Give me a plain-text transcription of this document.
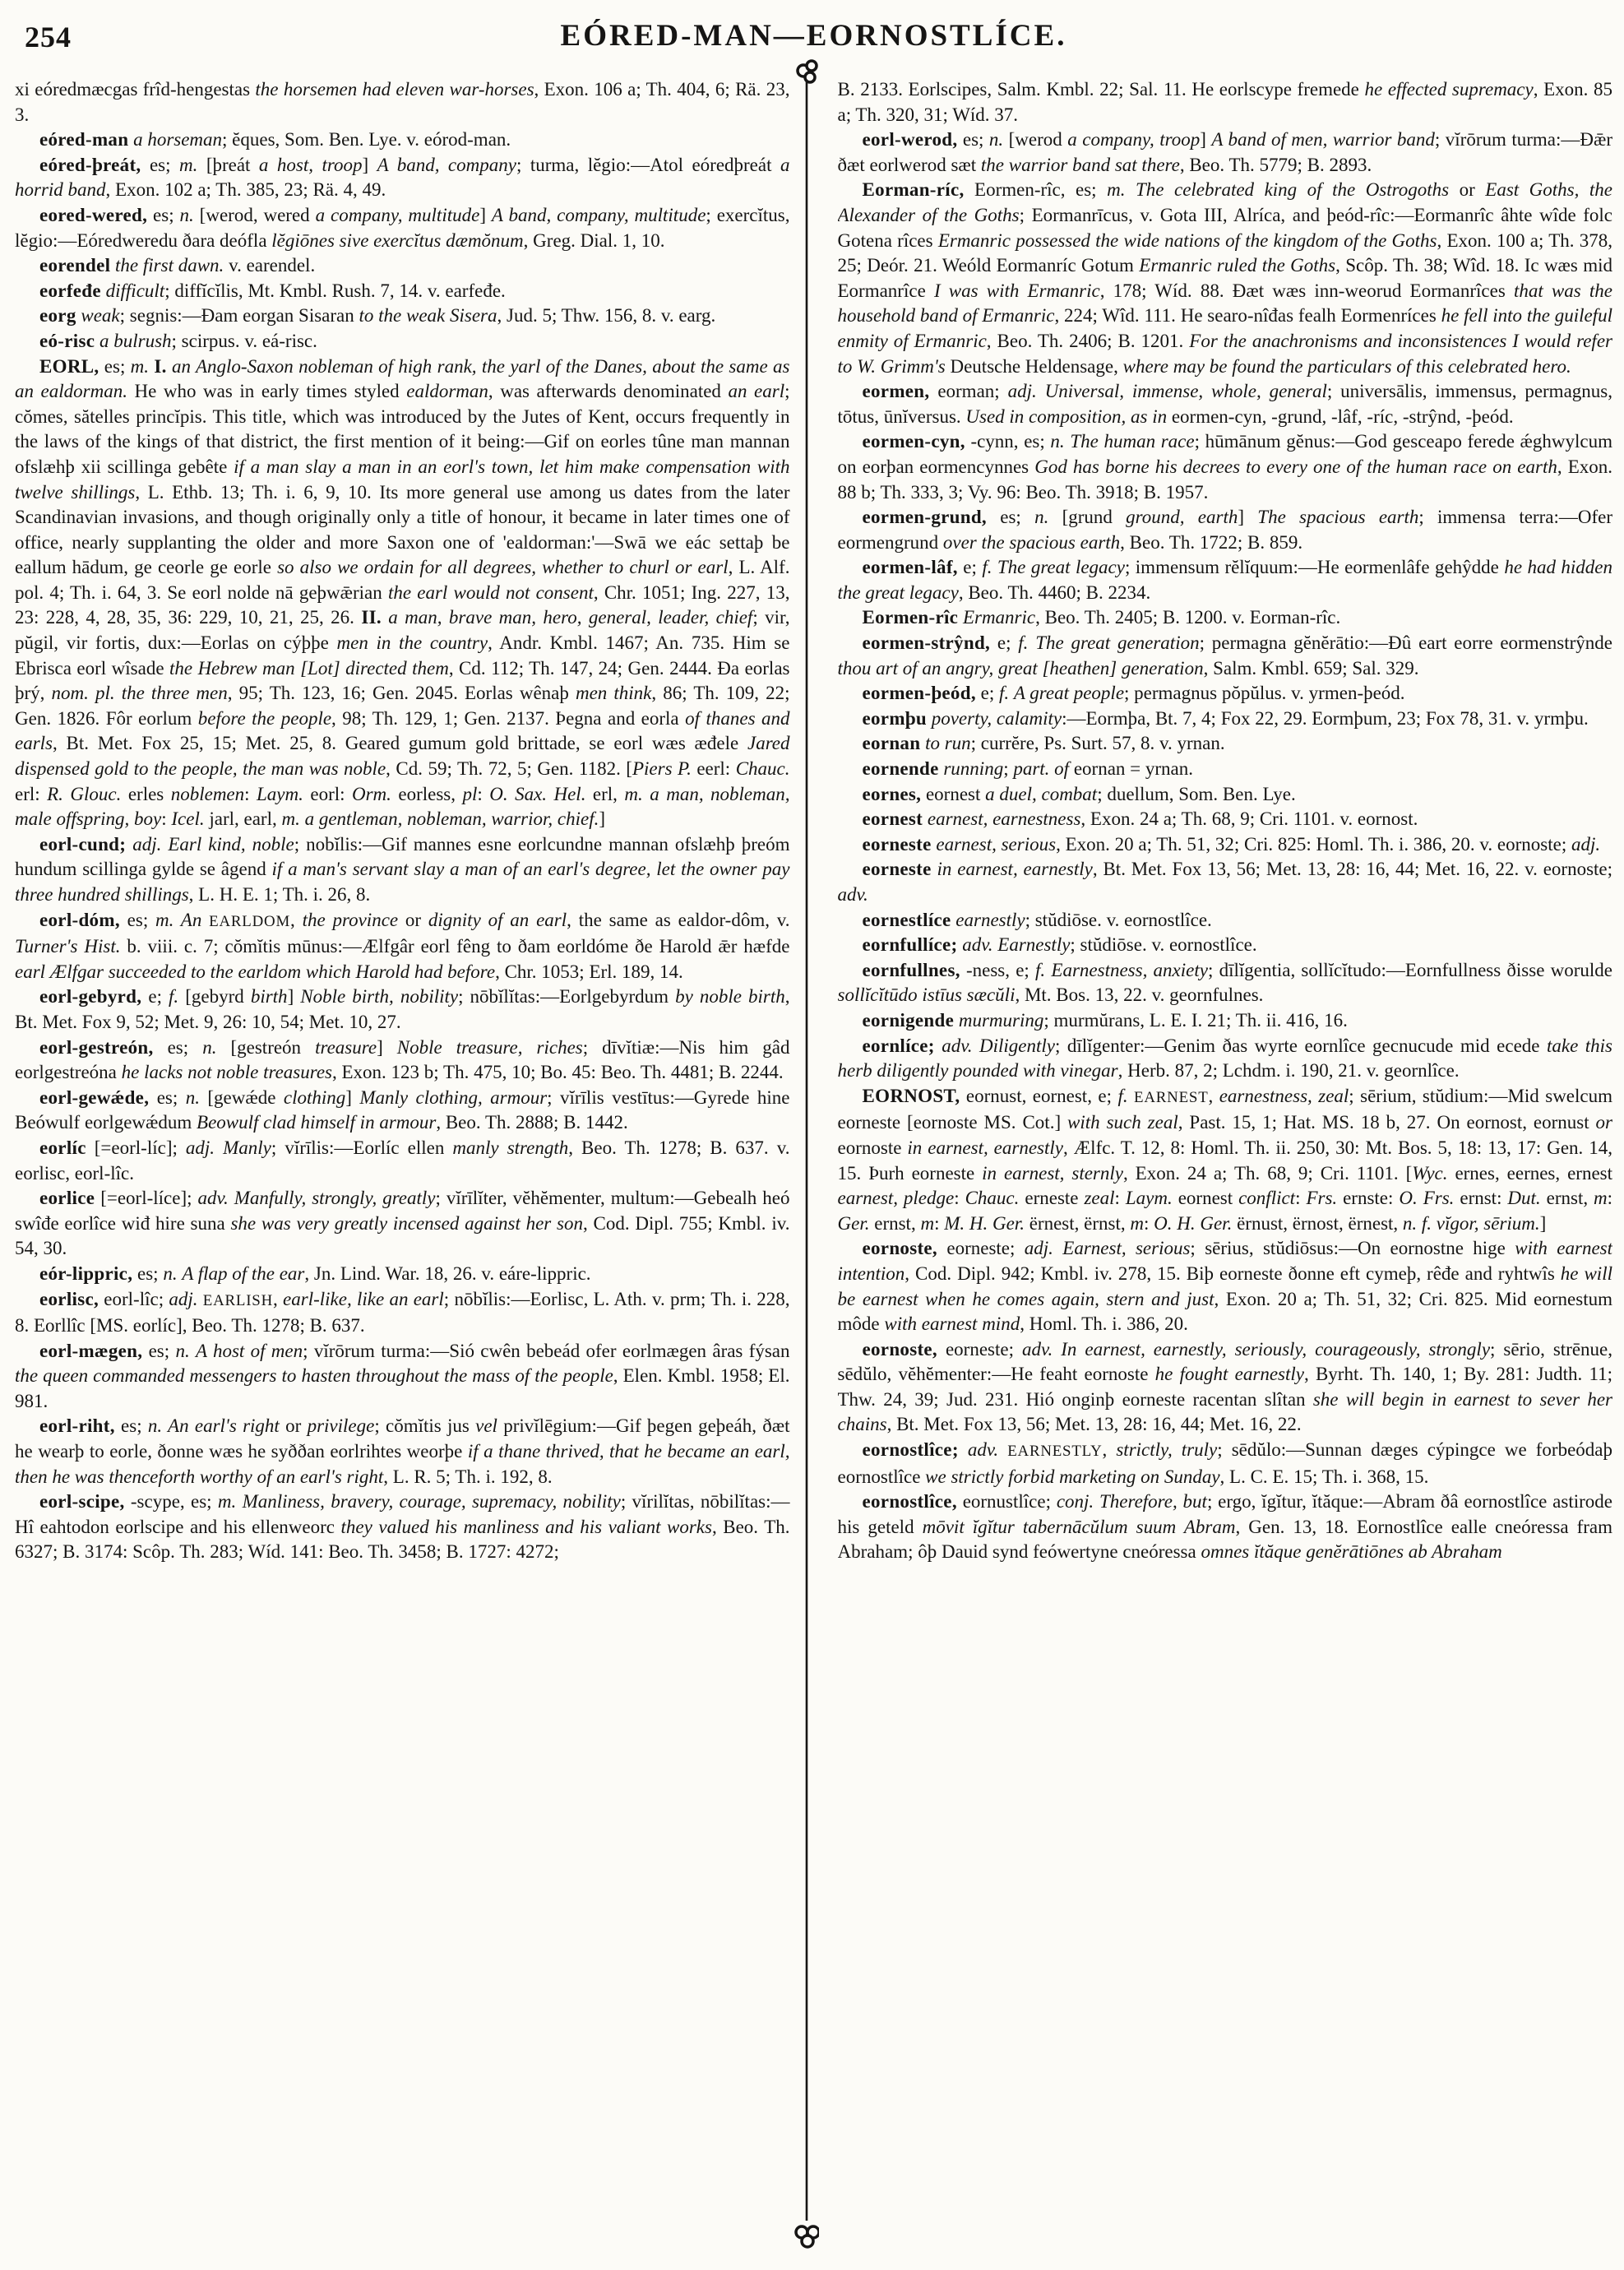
254	EÓRED-MAN—EORNOSTLÍCE.

xi eóredmæcgas frîd-hengestas the horsemen had eleven war-horses, Exon. 106 a; Th. 404, 6; Rä. 23, 3.

eóred-man a horseman; ĕques, Som. Ben. Lye. v. eórod-man.

eóred-þreát, es; m. [þreát a host, troop] A band, company; turma, lĕgio:—Atol eóredþreát a horrid band, Exon. 102 a; Th. 385, 23; Rä. 4, 49.

eored-wered, es; n. [werod, wered a company, multitude] A band, company, multitude; exercĭtus, lĕgio:—Eóredweredu ðara deófla lĕgiōnes sive exercĭtus dæmŏnum, Greg. Dial. 1, 10.

eorendel the first dawn. v. earendel.

eorfeđe difficult; diffĭcĭlis, Mt. Kmbl. Rush. 7, 14. v. earfeđe.

eorg weak; segnis:—Ðam eorgan Sisaran to the weak Sisera, Jud. 5; Thw. 156, 8. v. earg.

eó-risc a bulrush; scirpus. v. eá-risc.

EORL, es; m. I. an Anglo-Saxon nobleman of high rank, the yarl of the Danes, about the same as an ealdorman. He who was in early times styled ealdorman, was afterwards denominated an earl; cŏmes, sătelles princĭpis. This title, which was introduced by the Jutes of Kent, occurs frequently in the laws of the kings of that district, the first mention of it being:—Gif on eorles tûne man mannan ofslæhþ xii scillinga gebête if a man slay a man in an eorl's town, let him make compensation with twelve shillings, L. Ethb. 13; Th. i. 6, 9, 10. Its more general use among us dates from the later Scandinavian invasions, and though originally only a title of honour, it became in later times one of office, nearly supplanting the older and more Saxon one of 'ealdorman:'—Swā we eác settaþ be eallum hādum, ge ceorle ge eorle so also we ordain for all degrees, whether to churl or earl, L. Alf. pol. 4; Th. i. 64, 3. Se eorl nolde nā geþwǣrian the earl would not consent, Chr. 1051; Ing. 227, 13, 23: 228, 4, 28, 35, 36: 229, 10, 21, 25, 26. II. a man, brave man, hero, general, leader, chief; vir, pŭgil, vir fortis, dux:—Eorlas on cýþþe men in the country, Andr. Kmbl. 1467; An. 735. Him se Ebrisca eorl wîsade the Hebrew man [Lot] directed them, Cd. 112; Th. 147, 24; Gen. 2444. Ða eorlas þrý, nom. pl. the three men, 95; Th. 123, 16; Gen. 2045. Eorlas wênaþ men think, 86; Th. 109, 22; Gen. 1826. Fôr eorlum before the people, 98; Th. 129, 1; Gen. 2137. Þegna and eorla of thanes and earls, Bt. Met. Fox 25, 15; Met. 25, 8. Geared gumum gold brittade, se eorl wæs æđele Jared dispensed gold to the people, the man was noble, Cd. 59; Th. 72, 5; Gen. 1182. [Piers P. eerl: Chauc. erl: R. Glouc. erles noblemen: Laym. eorl: Orm. eorless, pl: O. Sax. Hel. erl, m. a man, nobleman, male offspring, boy: Icel. jarl, earl, m. a gentleman, nobleman, warrior, chief.]

eorl-cund; adj. Earl kind, noble; nobĭlis:—Gif mannes esne eorlcundne mannan ofslæhþ þreóm hundum scillinga gylde se âgend if a man's servant slay a man of an earl's degree, let the owner pay three hundred shillings, L. H. E. 1; Th. i. 26, 8.

eorl-dóm, es; m. An EARLDOM, the province or dignity of an earl, the same as ealdor-dôm, v. Turner's Hist. b. viii. c. 7; cŏmĭtis mūnus:—Ælfgâr eorl fêng to ðam eorldóme ðe Harold ǣr hæfde earl Ælfgar succeeded to the earldom which Harold had before, Chr. 1053; Erl. 189, 14.

eorl-gebyrd, e; f. [gebyrd birth] Noble birth, nobility; nōbĭlĭtas:—Eorlgebyrdum by noble birth, Bt. Met. Fox 9, 52; Met. 9, 26: 10, 54; Met. 10, 27.

eorl-gestreón, es; n. [gestreón treasure] Noble treasure, riches; dīvĭtiæ:—Nis him gâd eorlgestreóna he lacks not noble treasures, Exon. 123 b; Th. 475, 10; Bo. 45: Beo. Th. 4481; B. 2244.

eorl-gewǽde, es; n. [gewǽde clothing] Manly clothing, armour; vĭrīlis vestītus:—Gyrede hine Beówulf eorlgewǽdum Beowulf clad himself in armour, Beo. Th. 2888; B. 1442.

eorlíc [=eorl-líc]; adj. Manly; vĭrīlis:—Eorlíc ellen manly strength, Beo. Th. 1278; B. 637. v. eorlisc, eorl-lîc.

eorlice [=eorl-líce]; adv. Manfully, strongly, greatly; vĭrīlĭter, vĕhĕmenter, multum:—Gebealh heó swîđe eorlîce wiđ hire suna she was very greatly incensed against her son, Cod. Dipl. 755; Kmbl. iv. 54, 30.

eór-lippric, es; n. A flap of the ear, Jn. Lind. War. 18, 26. v. eáre-lippric.

eorlisc, eorl-lîc; adj. EARLISH, earl-like, like an earl; nōbĭlis:—Eorlisc, L. Ath. v. prm; Th. i. 228, 8. Eorllîc [MS. eorlíc], Beo. Th. 1278; B. 637.

eorl-mægen, es; n. A host of men; vĭrōrum turma:—Sió cwên bebeád ofer eorlmægen âras fýsan the queen commanded messengers to hasten throughout the mass of the people, Elen. Kmbl. 1958; El. 981.

eorl-riht, es; n. An earl's right or privilege; cŏmĭtis jus vel privĭlēgium:—Gif þegen geþeáh, ðæt he wearþ to eorle, ðonne wæs he syððan eorlrihtes weorþe if a thane thrived, that he became an earl, then he was thenceforth worthy of an earl's right, L. R. 5; Th. i. 192, 8.

eorl-scipe, -scype, es; m. Manliness, bravery, courage, supremacy, nobility; vĭrilĭtas, nōbilĭtas:—Hî eahtodon eorlscipe and his ellenweorc they valued his manliness and his valiant works, Beo. Th. 6327; B. 3174: Scôp. Th. 283; Wíd. 141: Beo. Th. 3458; B. 1727: 4272;

B. 2133. Eorlscipes, Salm. Kmbl. 22; Sal. 11. He eorlscype fremede he effected supremacy, Exon. 85 a; Th. 320, 31; Wíd. 37.

eorl-werod, es; n. [werod a company, troop] A band of men, warrior band; vĭrōrum turma:—Ðǣr ðæt eorlwerod sæt the warrior band sat there, Beo. Th. 5779; B. 2893.

Eorman-ríc, Eormen-rîc, es; m. The celebrated king of the Ostrogoths or East Goths, the Alexander of the Goths; Eormanrīcus, v. Gota III, Alríca, and þeód-rîc:—Eormanrîc âhte wîde folc Gotena rîces Ermanric possessed the wide nations of the kingdom of the Goths, Exon. 100 a; Th. 378, 25; Deór. 21. Weóld Eormanríc Gotum Ermanric ruled the Goths, Scôp. Th. 38; Wîd. 18. Ic wæs mid Eormanrîce I was with Ermanric, 178; Wíd. 88. Ðæt wæs inn-weorud Eormanrîces that was the household band of Ermanric, 224; Wîd. 111. He searo-nîđas fealh Eormenríces he fell into the guileful enmity of Ermanric, Beo. Th. 2406; B. 1201. For the anachronisms and inconsistences I would refer to W. Grimm's Deutsche Heldensage, where may be found the particulars of this celebrated hero.

eormen, eorman; adj. Universal, immense, whole, general; universālis, immensus, permagnus, tōtus, ūnĭversus. Used in composition, as in eormen-cyn, -grund, -lâf, -ríc, -strŷnd, -þeód.

eormen-cyn, -cynn, es; n. The human race; hūmānum gĕnus:—God gesceapo ferede ǽghwylcum on eorþan eormencynnes God has borne his decrees to every one of the human race on earth, Exon. 88 b; Th. 333, 3; Vy. 96: Beo. Th. 3918; B. 1957.

eormen-grund, es; n. [grund ground, earth] The spacious earth; immensa terra:—Ofer eormengrund over the spacious earth, Beo. Th. 1722; B. 859.

eormen-lâf, e; f. The great legacy; immensum rĕlĭquum:—He eormenlâfe gehŷdde he had hidden the great legacy, Beo. Th. 4460; B. 2234.

Eormen-rîc Ermanric, Beo. Th. 2405; B. 1200. v. Eorman-rîc.

eormen-strŷnd, e; f. The great generation; permagna gĕnĕrātio:—Ðû eart eorre eormenstrŷnde thou art of an angry, great [heathen] generation, Salm. Kmbl. 659; Sal. 329.

eormen-þeód, e; f. A great people; permagnus pŏpŭlus. v. yrmen-þeód.

eormþu poverty, calamity:—Eormþa, Bt. 7, 4; Fox 22, 29. Eormþum, 23; Fox 78, 31. v. yrmþu.

eornan to run; currĕre, Ps. Surt. 57, 8. v. yrnan.

eornende running; part. of eornan = yrnan.

eornes, eornest a duel, combat; duellum, Som. Ben. Lye.

eornest earnest, earnestness, Exon. 24 a; Th. 68, 9; Cri. 1101. v. eornost.

eorneste earnest, serious, Exon. 20 a; Th. 51, 32; Cri. 825: Homl. Th. i. 386, 20. v. eornoste; adj.

eorneste in earnest, earnestly, Bt. Met. Fox 13, 56; Met. 13, 28: 16, 44; Met. 16, 22. v. eornoste; adv.

eornestlíce earnestly; stŭdiōse. v. eornostlîce.

eornfullíce; adv. Earnestly; stŭdiōse. v. eornostlîce.

eornfullnes, -ness, e; f. Earnestness, anxiety; dīlĭgentia, sollĭcĭtudo:—Eornfullness ðisse worulde sollĭcĭtūdo istīus sæcŭli, Mt. Bos. 13, 22. v. geornfulnes.

eornigende murmuring; murmŭrans, L. E. I. 21; Th. ii. 416, 16.

eornlíce; adv. Diligently; dīlĭgenter:—Genim ðas wyrte eornlîce gecnucude mid ecede take this herb diligently pounded with vinegar, Herb. 87, 2; Lchdm. i. 190, 21. v. geornlîce.

EORNOST, eornust, eornest, e; f. EARNEST, earnestness, zeal; sērium, stŭdium:—Mid swelcum eorneste [eornoste MS. Cot.] with such zeal, Past. 15, 1; Hat. MS. 18 b, 27. On eornost, eornust or eornoste in earnest, earnestly, Ælfc. T. 12, 8: Homl. Th. ii. 250, 30: Mt. Bos. 5, 18: 13, 17: Gen. 14, 15. Þurh eorneste in earnest, sternly, Exon. 24 a; Th. 68, 9; Cri. 1101. [Wyc. ernes, eernes, ernest earnest, pledge: Chauc. erneste zeal: Laym. eornest conflict: Frs. ernste: O. Frs. ernst: Dut. ernst, m: Ger. ernst, m: M. H. Ger. ërnest, ërnst, m: O. H. Ger. ërnust, ërnost, ërnest, n. f. vĭgor, sērium.]

eornoste, eorneste; adj. Earnest, serious; sērius, stŭdiōsus:—On eornostne hige with earnest intention, Cod. Dipl. 942; Kmbl. iv. 278, 15. Biþ eorneste ðonne eft cymeþ, rêđe and ryhtwîs he will be earnest when he comes again, stern and just, Exon. 20 a; Th. 51, 32; Cri. 825. Mid eornestum môde with earnest mind, Homl. Th. i. 386, 20.

eornoste, eorneste; adv. In earnest, earnestly, seriously, courageously, strongly; sērio, strēnue, sēdŭlo, vĕhĕmenter:—He feaht eornoste he fought earnestly, Byrht. Th. 140, 1; By. 281: Judth. 11; Thw. 24, 39; Jud. 231. Hió onginþ eorneste racentan slîtan she will begin in earnest to sever her chains, Bt. Met. Fox 13, 56; Met. 13, 28: 16, 44; Met. 16, 22.

eornostlîce; adv. EARNESTLY, strictly, truly; sēdŭlo:—Sunnan dæges cýpingce we forbeódaþ eornostlîce we strictly forbid marketing on Sunday, L. C. E. 15; Th. i. 368, 15.

eornostlîce, eornustlîce; conj. Therefore, but; ergo, ĭgĭtur, ĭtăque:—Abram ðâ eornostlîce astirode his geteld mōvit ĭgĭtur tabernācŭlum suum Abram, Gen. 13, 18. Eornostlîce ealle cneóressa fram Abraham; ôþ Dauid synd feówertyne cneóressa omnes ĭtăque genĕrātiōnes ab Abraham
